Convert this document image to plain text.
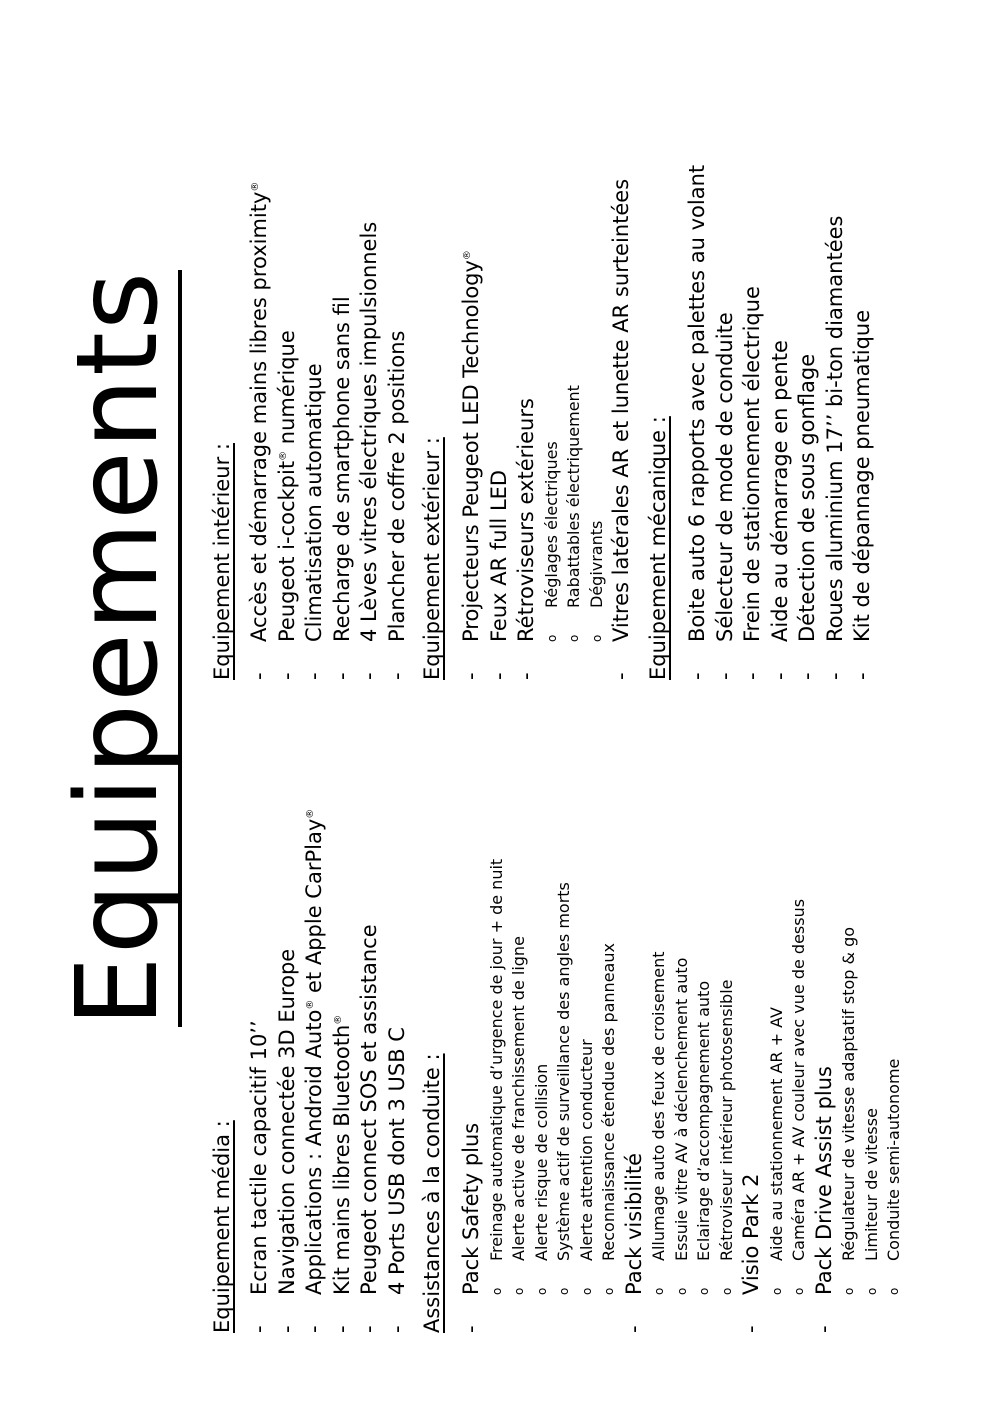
Equipements
Equipement média : -
Ecran tactile capacitif 10’’
-
Navigation connectée 3D Europe
-
Applications : Android Auto® et Apple CarPlay®
-
Kit mains libres Bluetooth®
-
Peugeot connect SOS et assistance
-
4 Ports USB dont 3 USB C Assistances à la conduite : -
Pack Safety plus o
Freinage automatique d’urgence de jour + de nuit
o
Alerte active de franchissement de ligne
o
Alerte risque de collision
o
Système actif de surveillance des angles morts
o
Alerte attention conducteur
o
Reconnaissance étendue des panneaux
-
Pack visibilité o
Allumage auto des feux de croisement
o
Essuie vitre AV à déclenchement auto
o
Eclairage d’accompagnement auto
o
Rétroviseur intérieur photosensible
-
Visio Park 2 o
Aide au stationnement AR + AV
o
Caméra AR + AV couleur avec vue de dessus
-
Pack Drive Assist plus o
Régulateur de vitesse adaptatif stop & go
o
Limiteur de vitesse
o
Conduite semi-autonome
Equipement intérieur : -
Accès et démarrage mains libres proximity®
-
Peugeot i-cockpit® numérique
-
Climatisation automatique
-
Recharge de smartphone sans fil
-
4 Lèves vitres électriques impulsionnels
-
Plancher de coffre 2 positions Equipement extérieur : -
Projecteurs Peugeot LED Technology®
-
Feux AR full LED
-
Rétroviseurs extérieurs o
Réglages électriques
o
Rabattables électriquement
o
Dégivrants
-
Vitres latérales AR et lunette AR surteintées Equipement mécanique : -
Boite auto 6 rapports avec palettes au volant
-
Sélecteur de mode de conduite
-
Frein de stationnement électrique
-
Aide au démarrage en pente
-
Détection de sous gonflage
-
Roues aluminium 17’’ bi-ton diamantées
-
Kit de dépannage pneumatique
